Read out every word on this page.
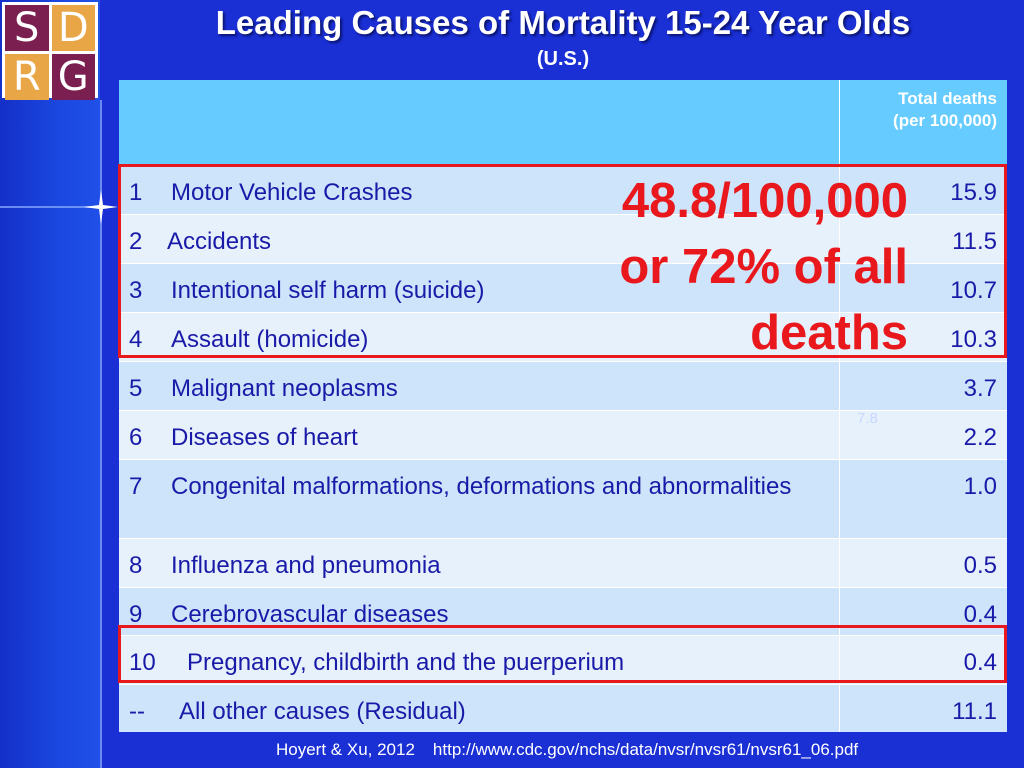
S D
R G
Leading Causes of Mortality 15-24 Year Olds
(U.S.)
Total deaths
(per 100,000)
1 Motor Vehicle Crashes	15.9
2 Accidents	11.5
3 Intentional self harm (suicide)	10.7
4 Assault (homicide)	10.3
5 Malignant neoplasms	3.7
6 Diseases of heart	2.2
7 Congenital malformations, deformations and abnormalities	1.0
8 Influenza and pneumonia	0.5
9 Cerebrovascular diseases	0.4
10 Pregnancy, childbirth and the puerperium	0.4
-- All other causes (Residual)	11.1
7.8
48.8/100,000
or 72% of all
deaths
Hoyert & Xu, 2012 http://www.cdc.gov/nchs/data/nvsr/nvsr61/nvsr61_06.pdf
